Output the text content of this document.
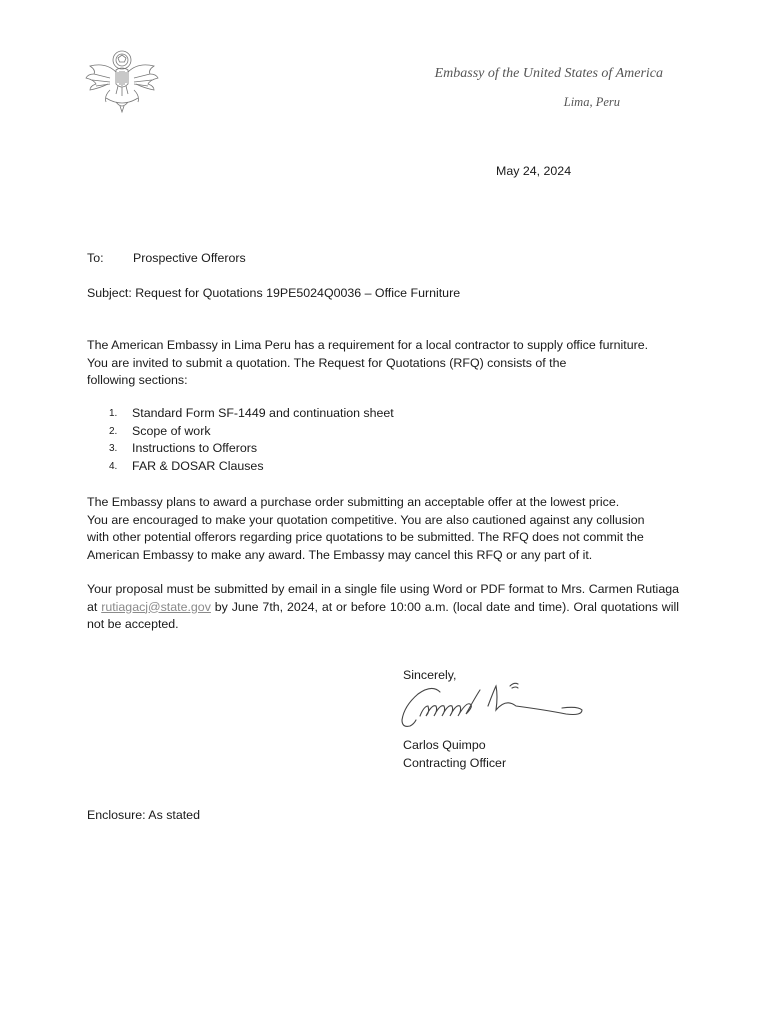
Embassy of the United States of America

Lima, Peru
May 24, 2024
To: Prospective Offerors
Subject: Request for Quotations 19PE5024Q0036 – Office Furniture
The American Embassy in Lima Peru has a requirement for a local contractor to supply office furniture.
You are invited to submit a quotation. The Request for Quotations (RFQ) consists of the
following sections:
1.	Standard Form SF-1449 and continuation sheet
2.	Scope of work
3.	Instructions to Offerors
4.	FAR & DOSAR Clauses
The Embassy plans to award a purchase order submitting an acceptable offer at the lowest price.
You are encouraged to make your quotation competitive. You are also cautioned against any collusion
with other potential offerors regarding price quotations to be submitted. The RFQ does not commit the
American Embassy to make any award. The Embassy may cancel this RFQ or any part of it.

Your proposal must be submitted by email in a single file using Word or PDF format to Mrs. Carmen Rutiaga at rutiagacj@state.gov by June 7th, 2024, at or before 10:00 a.m. (local date and time). Oral quotations will not be accepted.

Sincerely,
Carlos Quimpo
Contracting Officer
Enclosure: As stated
